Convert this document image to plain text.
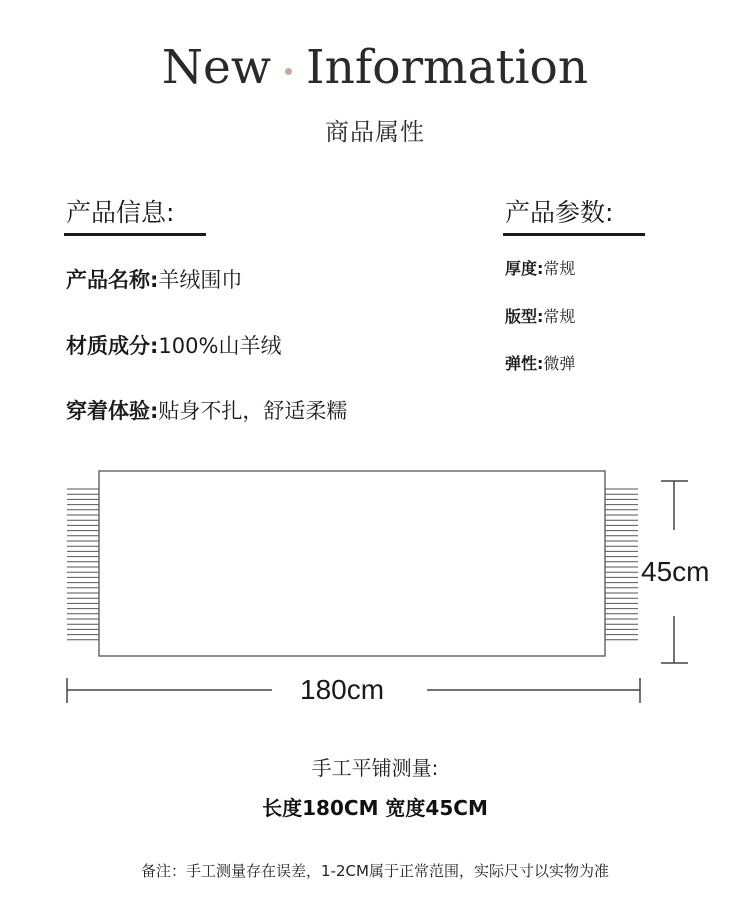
New Information
商品属性
产品信息:
产品名称:羊绒围巾
材质成分:100%山羊绒
穿着体验:贴身不扎，舒适柔糯
产品参数:
厚度:常规
版型:常规
弹性:微弹
45cm
180cm
手工平铺测量:
长度180CM 宽度45CM
备注：手工测量存在误差，1-2CM属于正常范围，实际尺寸以实物为准
